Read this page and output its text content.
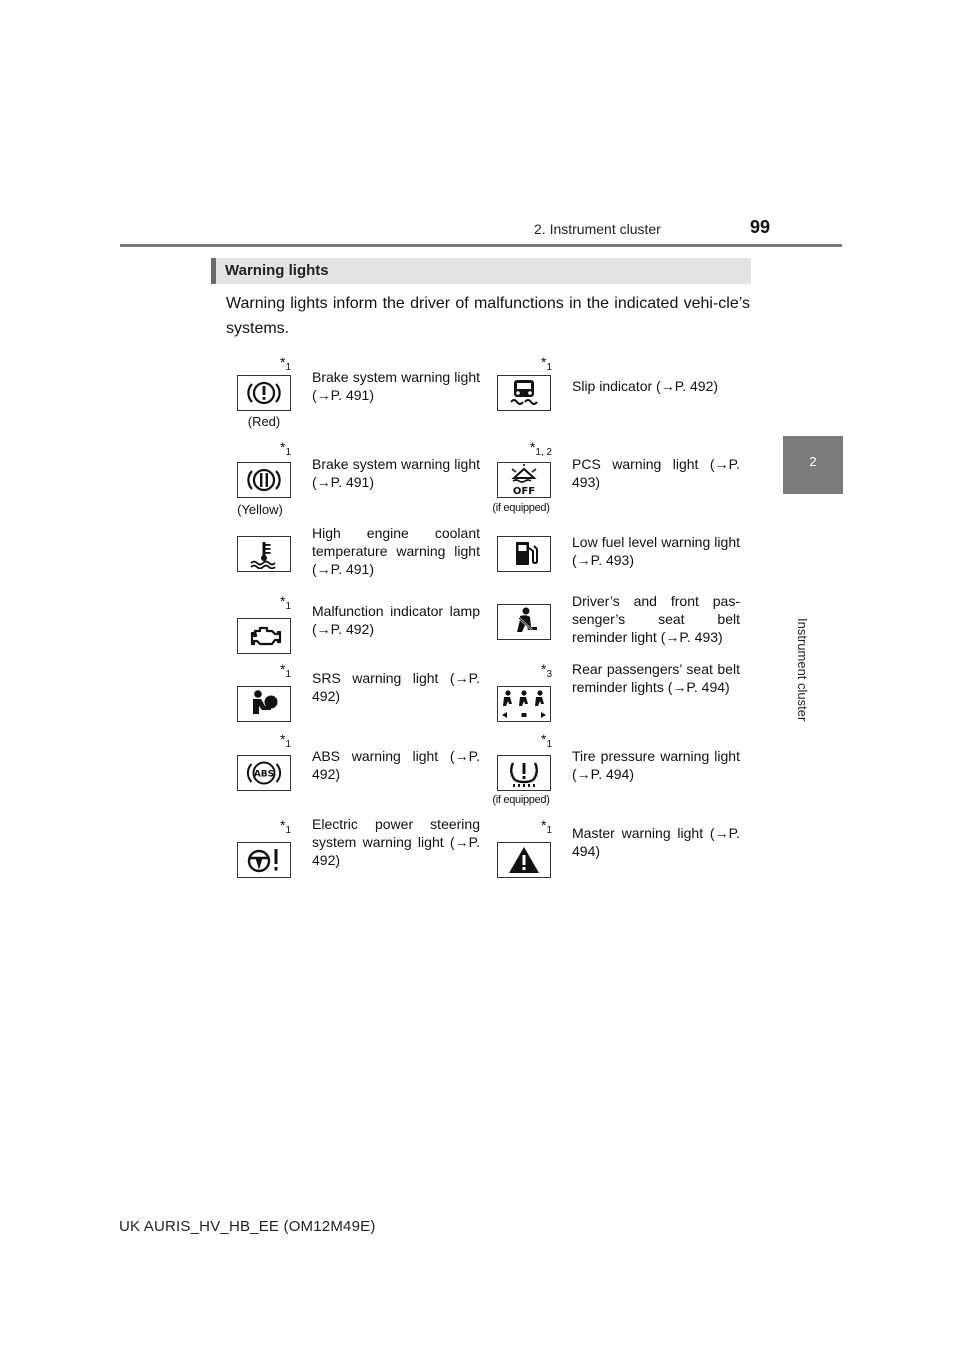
2. Instrument cluster	99
2
Instrument cluster
Warning lights
Warning lights inform the driver of malfunctions in the indicated vehi-cle’s systems.
$*_1$
(Red)
Brake system warning light (→P. 491)
$*_1$
Slip indicator (→P. 492)
$*_1$
(Yellow)
Brake system warning light (→P. 491)
$*_{1, 2}$
OFF
(if equipped)
PCS warning light (→P. 493)
High engine coolant temperature warning light (→P. 491)
Low fuel level warning light (→P. 493)
$*_1$ Malfunction indicator lamp (→P. 492)
Driver’s and front pas-senger’s seat belt reminder light (→P. 493)
$*_1$ SRS warning light (→P. 492)
$*_3$ Rear passengers’ seat belt reminder lights (→P. 494)
$*_1$
ABS
ABS warning light (→P. 492)
$*_1$
(if equipped)
Tire pressure warning light (→P. 494)
$*_1$ Electric power steering system warning light (→P. 492)
$*_1$ Master warning light (→P. 494)
UK AURIS_HV_HB_EE (OM12M49E)
